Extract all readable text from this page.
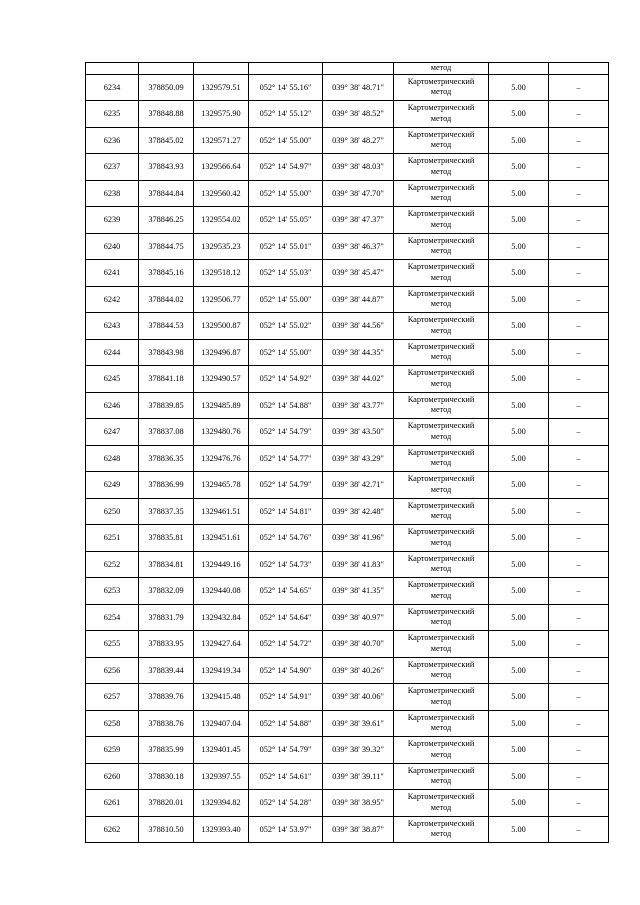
					метод		
6234	378850.09	1329579.51	052° 14' 55.16"	039° 38' 48.71"	Картометрический
метод	5.00	–
6235	378848.88	1329575.90	052° 14' 55.12"	039° 38' 48.52"	Картометрический
метод	5.00	–
6236	378845.02	1329571.27	052° 14' 55.00"	039° 38' 48.27"	Картометрический
метод	5.00	–
6237	378843.93	1329566.64	052° 14' 54.97"	039° 38' 48.03"	Картометрический
метод	5.00	–
6238	378844.84	1329560.42	052° 14' 55.00"	039° 38' 47.70"	Картометрический
метод	5.00	–
6239	378846.25	1329554.02	052° 14' 55.05"	039° 38' 47.37"	Картометрический
метод	5.00	–
6240	378844.75	1329535.23	052° 14' 55.01"	039° 38' 46.37"	Картометрический
метод	5.00	–
6241	378845.16	1329518.12	052° 14' 55.03"	039° 38' 45.47"	Картометрический
метод	5.00	–
6242	378844.02	1329506.77	052° 14' 55.00"	039° 38' 44.87"	Картометрический
метод	5.00	–
6243	378844.53	1329500.87	052° 14' 55.02"	039° 38' 44.56"	Картометрический
метод	5.00	–
6244	378843.98	1329496.87	052° 14' 55.00"	039° 38' 44.35"	Картометрический
метод	5.00	–
6245	378841.18	1329490.57	052° 14' 54.92"	039° 38' 44.02"	Картометрический
метод	5.00	–
6246	378839.85	1329485.89	052° 14' 54.88"	039° 38' 43.77"	Картометрический
метод	5.00	–
6247	378837.08	1329480.76	052° 14' 54.79"	039° 38' 43.50"	Картометрический
метод	5.00	–
6248	378836.35	1329476.76	052° 14' 54.77"	039° 38' 43.29"	Картометрический
метод	5.00	–
6249	378836.99	1329465.78	052° 14' 54.79"	039° 38' 42.71"	Картометрический
метод	5.00	–
6250	378837.35	1329461.51	052° 14' 54.81"	039° 38' 42.48"	Картометрический
метод	5.00	–
6251	378835.81	1329451.61	052° 14' 54.76"	039° 38' 41.96"	Картометрический
метод	5.00	–
6252	378834.81	1329449.16	052° 14' 54.73"	039° 38' 41.83"	Картометрический
метод	5.00	–
6253	378832.09	1329440.08	052° 14' 54.65"	039° 38' 41.35"	Картометрический
метод	5.00	–
6254	378831.79	1329432.84	052° 14' 54.64"	039° 38' 40.97"	Картометрический
метод	5.00	–
6255	378833.95	1329427.64	052° 14' 54.72"	039° 38' 40.70"	Картометрический
метод	5.00	–
6256	378839.44	1329419.34	052° 14' 54.90"	039° 38' 40.26"	Картометрический
метод	5.00	–
6257	378839.76	1329415.48	052° 14' 54.91"	039° 38' 40.06"	Картометрический
метод	5.00	–
6258	378838.76	1329407.04	052° 14' 54.88"	039° 38' 39.61"	Картометрический
метод	5.00	–
6259	378835.99	1329401.45	052° 14' 54.79"	039° 38' 39.32"	Картометрический
метод	5.00	–
6260	378830.18	1329397.55	052° 14' 54.61"	039° 38' 39.11"	Картометрический
метод	5.00	–
6261	378820.01	1329394.82	052° 14' 54.28"	039° 38' 38.95"	Картометрический
метод	5.00	–
6262	378810.50	1329393.40	052° 14' 53.97"	039° 38' 38.87"	Картометрический
метод	5.00	–
